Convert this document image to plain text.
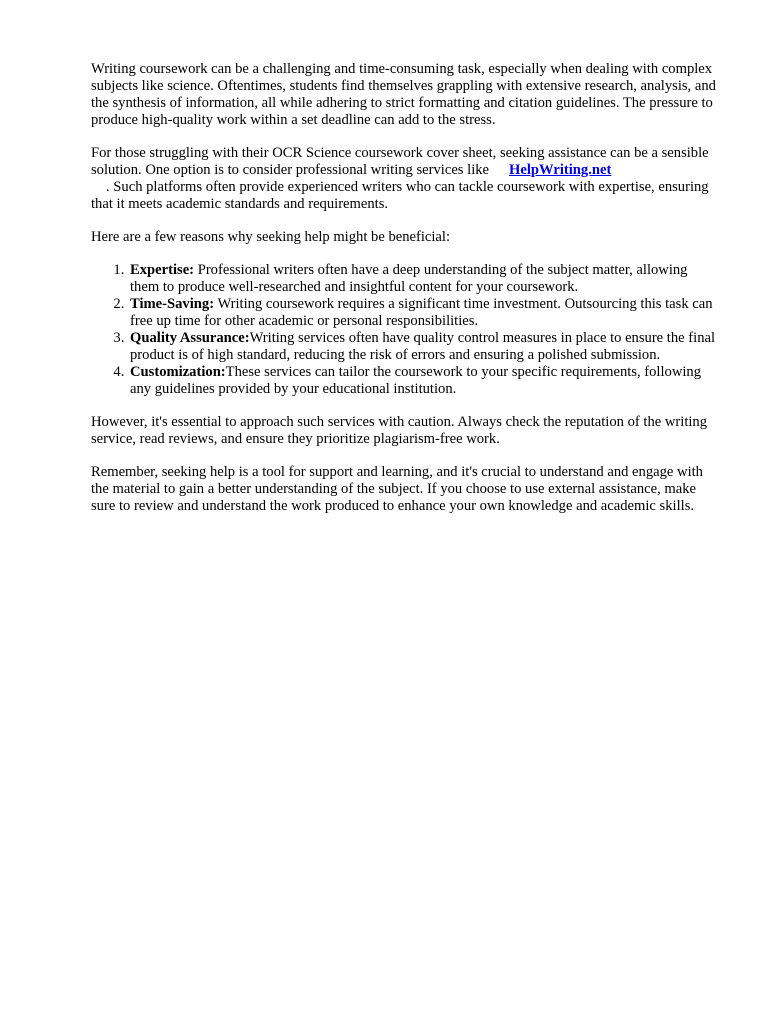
Writing coursework can be a challenging and time-consuming task, especially when dealing with complex subjects like science. Oftentimes, students find themselves grappling with extensive research, analysis, and the synthesis of information, all while adhering to strict formatting and citation guidelines. The pressure to produce high-quality work within a set deadline can add to the stress.

For those struggling with their OCR Science coursework cover sheet, seeking assistance can be a sensible solution. One option is to consider professional writing services like HelpWriting.net
. Such platforms often provide experienced writers who can tackle coursework with expertise, ensuring that it meets academic standards and requirements.

Here are a few reasons why seeking help might be beneficial:

1. Expertise: Professional writers often have a deep understanding of the subject matter, allowing them to produce well-researched and insightful content for your coursework.
2. Time-Saving: Writing coursework requires a significant time investment. Outsourcing this task can free up time for other academic or personal responsibilities.
3. Quality Assurance:Writing services often have quality control measures in place to ensure the final product is of high standard, reducing the risk of errors and ensuring a polished submission.
4. Customization:These services can tailor the coursework to your specific requirements, following any guidelines provided by your educational institution.

However, it's essential to approach such services with caution. Always check the reputation of the writing service, read reviews, and ensure they prioritize plagiarism-free work.

Remember, seeking help is a tool for support and learning, and it's crucial to understand and engage with the material to gain a better understanding of the subject. If you choose to use external assistance, make sure to review and understand the work produced to enhance your own knowledge and academic skills.
